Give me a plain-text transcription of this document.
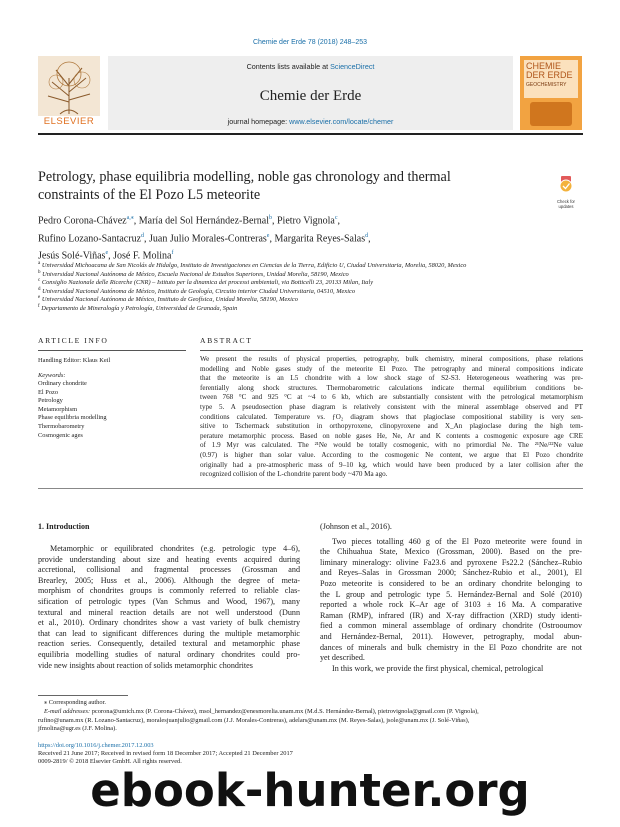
Chemie der Erde 78 (2018) 248–253
ELSEVIER
Contents lists available at ScienceDirect
Chemie der Erde
journal homepage: www.elsevier.com/locate/chemer
CHEMIE
DER ERDE
GEOCHEMISTRY
Petrology, phase equilibria modelling, noble gas chronology and thermal
constraints of the El Pozo L5 meteorite	Check for
updates
Pedro Corona-Chávez$^{a,⁎}$, María del Sol Hernández-Bernal$^b$, Pietro Vignola$^c$,
Rufino Lozano-Santacruz$^d$, Juan Julio Morales-Contreras$^e$, Margarita Reyes-Salas$^d$,
Jesús Solé-Viñas$^e$, José F. Molina$^f$
$^a$ Universidad Michoacana de San Nicolás de Hidalgo, Instituto de Investigaciones en Ciencias de la Tierra, Edificio U, Ciudad Universitaria, Morelia, 58020, Mexico
$^b$ Universidad Nacional Autónoma de México, Escuela Nacional de Estudios Superiores, Unidad Morelia, 58190, Mexico
$^c$ Consiglio Nazionale delle Ricerche (CNR) – Istituto per la dinamica dei processi ambientali, via Botticelli 23, 20133 Milan, Italy
$^d$ Universidad Nacional Autónoma de México, Instituto de Geología, Circuito interior Ciudad Universitaria, 04510, Mexico
$^e$ Universidad Nacional Autónoma de México, Instituto de Geofísica, Unidad Morelia, 58190, Mexico
$^f$ Departamento de Mineralogía y Petrología, Universidad de Granada, Spain
ARTICLE INFO
Handling Editor: Klaus Keil
Keywords:
Ordinary chondrite
El Pozo
Petrology
Metamorphism
Phase equilibria modelling
Thermobarometry
Cosmogenic ages
ABSTRACT
We present the results of physical properties, petrography, bulk chemistry, mineral compositions, phase relations
modelling and Noble gases study of the meteorite El Pozo. The petrography and mineral compositions indicate
that the meteorite is an L5 chondrite with a low shock stage of S2-S3. Heterogeneous weathering was pre-
ferentially along shock structures. Thermobarometric calculations indicate thermal equilibrium conditions be-
tween 768 °C and 925 °C at ~4 to 6 kb, which are substantially consistent with the petrological metamorphism
type 5. A pseudosection phase diagram is relatively consistent with the mineral assemblage observed and PT
conditions calculated. Temperature vs. ƒO₂ diagram shows that plagioclase compositional stability is very sen-
sitive to Tschermack substitution in orthopyroxene, clinopyroxene and X_An plagioclase during the high tem-
perature metamorphic process. Based on noble gases He, Ne, Ar and K contents a cosmogenic exposure age CRE
of 1.9 Myr was calculated. The ²¹Ne would be totally cosmogenic, with no primordial Ne. The ²¹Ne/²²Ne value
(0.97) is higher than solar value. According to the cosmogenic Ne content, we argue that El Pozo chondrite
originally had a pre-atmospheric mass of 9–10 kg, which would have been produced by a later collision after the
recognized collision of the L-chondrite parent body ~470 Ma ago.
1. Introduction
Metamorphic or equilibrated chondrites (e.g. petrologic type 4–6),
provide understanding about size and heating events acquired during
accretional, collisional and fragmental processes (Grossman and
Brearley, 2005; Huss et al., 2006). Although the degree of meta-
morphism of chondrites groups is commonly referred to reliable clas-
sification of petrologic types (Van Schmus and Wood, 1967), many
textural and mineral reaction details are not well understood (Dunn
et al., 2010). Ordinary chondrites show a vast variety of bulk chemistry
that can lead to significant differences during the multiple metamorphic
reaction series. Consequently, detailed textural and metamorphic phase
equilibria modelling studies of natural ordinary chondrites could pro-
vide new insights about reaction of solids metamorphic chondrites
(Johnson et al., 2016).
Two pieces totalling 460 g of the El Pozo meteorite were found in
the Chihuahua State, Mexico (Grossman, 2000). Based on the pre-
liminary mineralogy: olivine Fa23.6 and pyroxene Fs22.2 (Sánchez–Rubio
and Reyes–Salas in Grossman 2000; Sánchez-Rubio et al., 2001), El
Pozo meteorite is considered to be an ordinary chondrite belonging to
the L group and petrologic type 5. Hernández-Bernal and Solé (2010)
reported a whole rock K–Ar age of 3103 ± 16 Ma. A comparative
Raman (RMP), infrared (IR) and X-ray diffraction (XRD) study identi-
fied a common mineral assemblage of ordinary chondrite (Ostrooumov
and Hernández-Bernal, 2011). However, petrography, modal abun-
dances of minerals and bulk chemistry in the El Pozo chondrite are not
yet described.
In this work, we provide the first physical, chemical, petrological
⁎ Corresponding author.
E-mail addresses: pcorona@umich.mx (P. Corona-Chávez), msol_hernandez@enesmorelia.unam.mx (M.d.S. Hernández-Bernal), pietrovignola@gmail.com (P. Vignola),
rufino@unam.mx (R. Lozano-Santacruz), moralesjuanjulio@gmail.com (J.J. Morales-Contreras), adelars@unam.mx (M. Reyes-Salas), jsole@unam.mx (J. Solé-Viñas),
jfmolina@ugr.es (J.F. Molina).
https://doi.org/10.1016/j.chemer.2017.12.003
Received 21 June 2017; Received in revised form 18 December 2017; Accepted 21 December 2017
0009-2819/ © 2018 Elsevier GmbH. All rights reserved.
ebook-hunter.org
